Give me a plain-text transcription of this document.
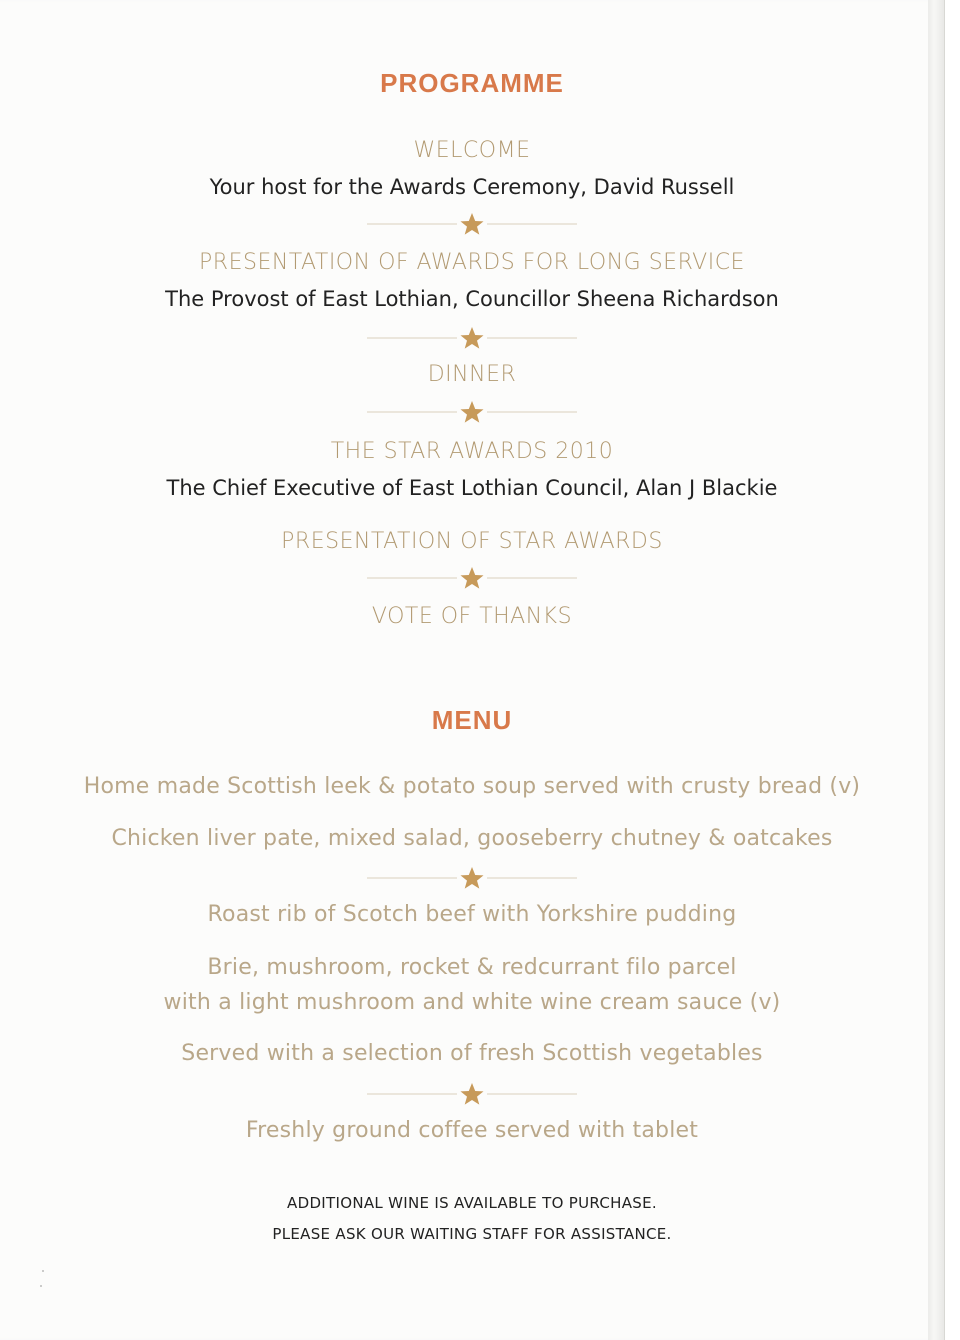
PROGRAMME
WELCOME
Your host for the Awards Ceremony, David Russell
PRESENTATION OF AWARDS FOR LONG SERVICE
The Provost of East Lothian, Councillor Sheena Richardson
DINNER
THE STAR AWARDS 2010
The Chief Executive of East Lothian Council, Alan J Blackie
PRESENTATION OF STAR AWARDS
VOTE OF THANKS
MENU
Home made Scottish leek & potato soup served with crusty bread (v)
Chicken liver pate, mixed salad, gooseberry chutney & oatcakes
Roast rib of Scotch beef with Yorkshire pudding
Brie, mushroom, rocket & redcurrant filo parcel
with a light mushroom and white wine cream sauce (v)
Served with a selection of fresh Scottish vegetables
Freshly ground coffee served with tablet
ADDITIONAL WINE IS AVAILABLE TO PURCHASE.
PLEASE ASK OUR WAITING STAFF FOR ASSISTANCE.
